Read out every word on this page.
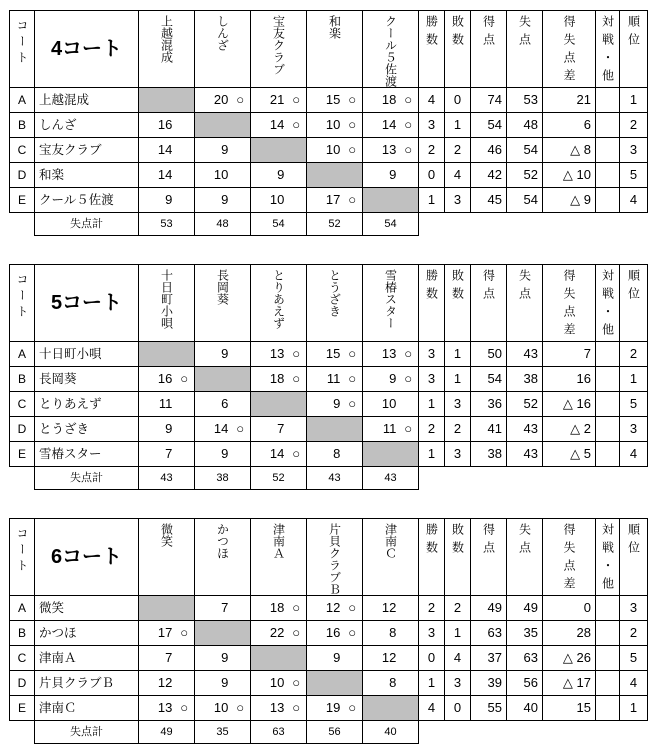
コート	4コート	上越混成	しんざ	宝友クラブ	和楽	クール５佐渡	勝数	敗数	得点	失点	得失点差	対戦・他	順位

A	上越混成		20 ○	21 ○	15 ○	18 ○	4	0	74	53	21		1
B	しんざ	16		14 ○	10 ○	14 ○	3	1	54	48	6		2
C	宝友クラブ	14	9		10 ○	13 ○	2	2	46	54	△ 8		3
D	和楽	14	10	9		9	0	4	42	52	△ 10		5
E	クール５佐渡	9	9	10	17 ○		1	3	45	54	△ 9		4
	失点計	53	48	54	52	54							
コート	5コート	十日町小唄	長岡葵	とりあえず	とうざき	雪椿スター	勝数	敗数	得点	失点	得失点差	対戦・他	順位

A	十日町小唄		9	13 ○	15 ○	13 ○	3	1	50	43	7		2
B	長岡葵	16 ○		18 ○	11 ○	9 ○	3	1	54	38	16		1
C	とりあえず	11	6		9 ○	10	1	3	36	52	△ 16		5
D	とうざき	9	14 ○	7		11 ○	2	2	41	43	△ 2		3
E	雪椿スター	7	9	14 ○	8		1	3	38	43	△ 5		4
	失点計	43	38	52	43	43							
コート	6コート	微笑	かつほ	津南Ａ	片貝クラブＢ	津南Ｃ	勝数	敗数	得点	失点	得失点差	対戦・他	順位

A	微笑		7	18 ○	12 ○	12	2	2	49	49	0		3
B	かつほ	17 ○		22 ○	16 ○	8	3	1	63	35	28		2
C	津南Ａ	7	9		9	12	0	4	37	63	△ 26		5
D	片貝クラブＢ	12	9	10 ○		8	1	3	39	56	△ 17		4
E	津南Ｃ	13 ○	10 ○	13 ○	19 ○		4	0	55	40	15		1
	失点計	49	35	63	56	40							
